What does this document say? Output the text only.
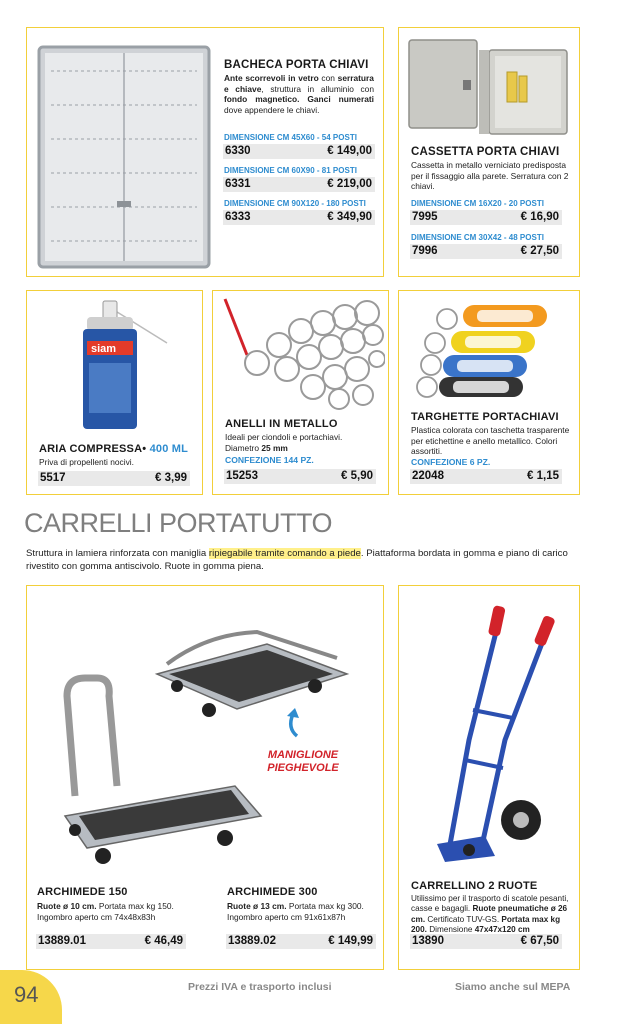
BACHECA PORTA CHIAVI
Ante scorrevoli in vetro con serratura e chiave, struttura in alluminio con fondo magnetico. Ganci numerati dove appendere le chiavi.
DIMENSIONE CM 45X60 - 54 POSTI
6330	€ 149,00
DIMENSIONE CM 60X90 - 81 POSTI
6331	€ 219,00
DIMENSIONE CM 90X120 - 180 POSTI
6333	€ 349,90
CASSETTA PORTA CHIAVI
Cassetta in metallo verniciato predisposta per il fissaggio alla parete. Serratura con 2 chiavi.
DIMENSIONE CM 16X20 - 20 POSTI
7995	€ 16,90
DIMENSIONE CM 30X42 - 48 POSTI
7996	€ 27,50
siam
ARIA COMPRESSA• 400 ML
Priva di propellenti nocivi.
5517	€ 3,99
ANELLI IN METALLO
Ideali per ciondoli e portachiavi.
Diametro 25 mm
CONFEZIONE 144 PZ.
15253	€ 5,90
TARGHETTE PORTACHIAVI
Plastica colorata con taschetta trasparente per etichettine e anello metallico. Colori assortiti.
CONFEZIONE 6 PZ.
22048	€ 1,15
CARRELLI PORTATUTTO
Struttura in lamiera rinforzata con maniglia ripiegabile tramite comando a piede. Piattaforma bordata in gomma e piano di carico rivestito con gomma antiscivolo. Ruote in gomma piena.
MANIGLIONE
PIEGHEVOLE
ARCHIMEDE 150
Ruote ø 10 cm. Portata max kg 150.
Ingombro aperto cm 74x48x83h
13889.01	€ 46,49
ARCHIMEDE 300
Ruote ø 13 cm. Portata max kg 300.
Ingombro aperto cm 91x61x87h
13889.02	€ 149,99
CARRELLINO 2 RUOTE
Utilissimo per il trasporto di scatole pesanti, casse e bagagli. Ruote pneumatiche ø 26 cm. Certificato TUV-GS. Portata max kg 200. Dimensione 47x47x120 cm
13890	€ 67,50
94	Prezzi IVA e trasporto inclusi	Siamo anche sul MEPA
